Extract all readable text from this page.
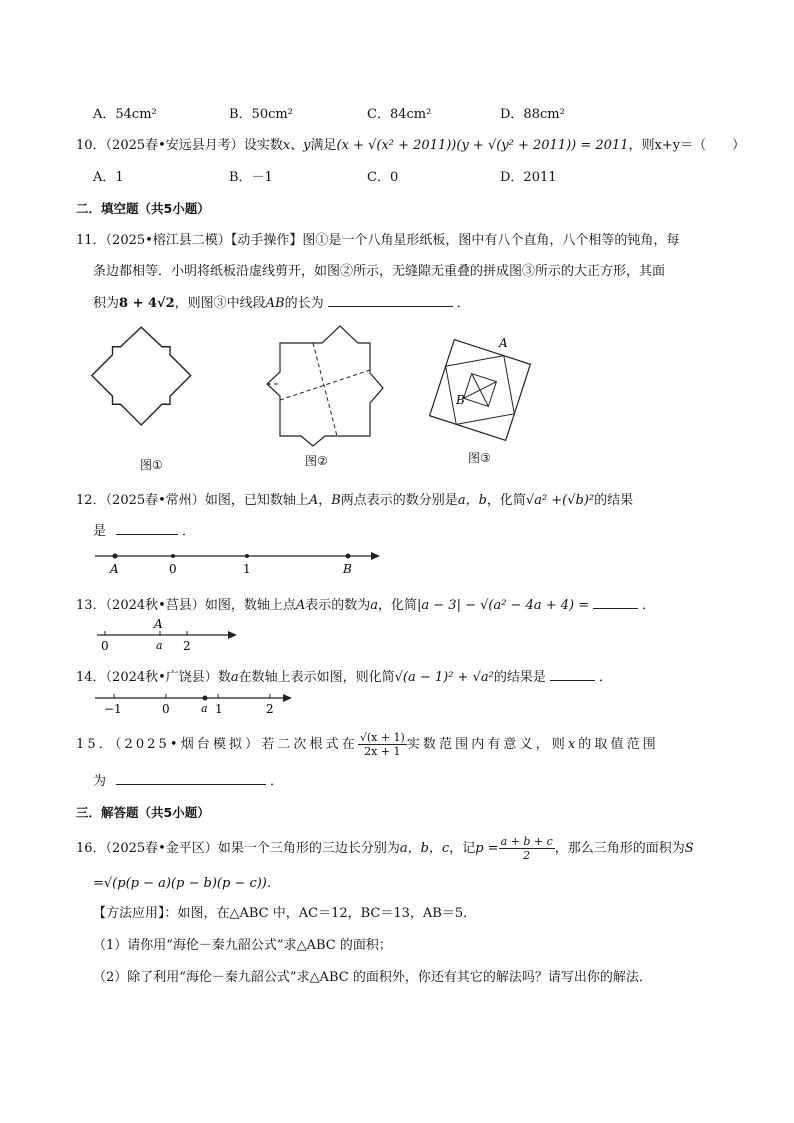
A．54cm²	B．50cm²	C．84cm²	D．88cm²
10．（2025春•安远县月考）设实数x、y满足(x + √(x² + 2011))(y + √(y² + 2011)) = 2011，则x+y＝（　　）
A．1	B．－1	C．0	D．2011
二．填空题（共5小题）
11．（2025•榕江县二模）【动手操作】图①是一个八角星形纸板，图中有八个直角，八个相等的钝角，每
条边都相等．小明将纸板沿虚线剪开，如图②所示，无缝隙无重叠的拼成图③所示的大正方形，其面
积为8 + 4√2，则图③中线段AB的长为	．
A
B
图①	图②	图③
12．（2025春•常州）如图，已知数轴上A，B两点表示的数分别是a，b，化简√a² +(√b)²的结果
是	．
A	0	1	B
13．（2024秋•莒县）如图，数轴上点A表示的数为a，化简|a − 3| − √(a² − 4a + 4) =	．
A
0	a 2
14．（2024秋•广饶县）数a在数轴上表示如图，则化简√(a − 1)² + √a²的结果是	．
−1	0	a 1	2
15．（2025•烟台模拟）若二次根式在 $\frac{√(x + 1)}{2x + 1}$ 实数范围内有意义，则x的取值范围
为	．
三．解答题（共5小题）
16．（2025春•金平区）如果一个三角形的三边长分别为a，b，c，记$p = \frac{a + b + c}{2}$ ，那么三角形的面积为S
=√(p(p − a)(p − b)(p − c))．
【方法应用】：如图，在△ABC 中，AC＝12，BC＝13，AB＝5．
（1）请你用“海伦－秦九韶公式”求△ABC 的面积；
（2）除了利用“海伦－秦九韶公式”求△ABC 的面积外，你还有其它的解法吗？请写出你的解法．
